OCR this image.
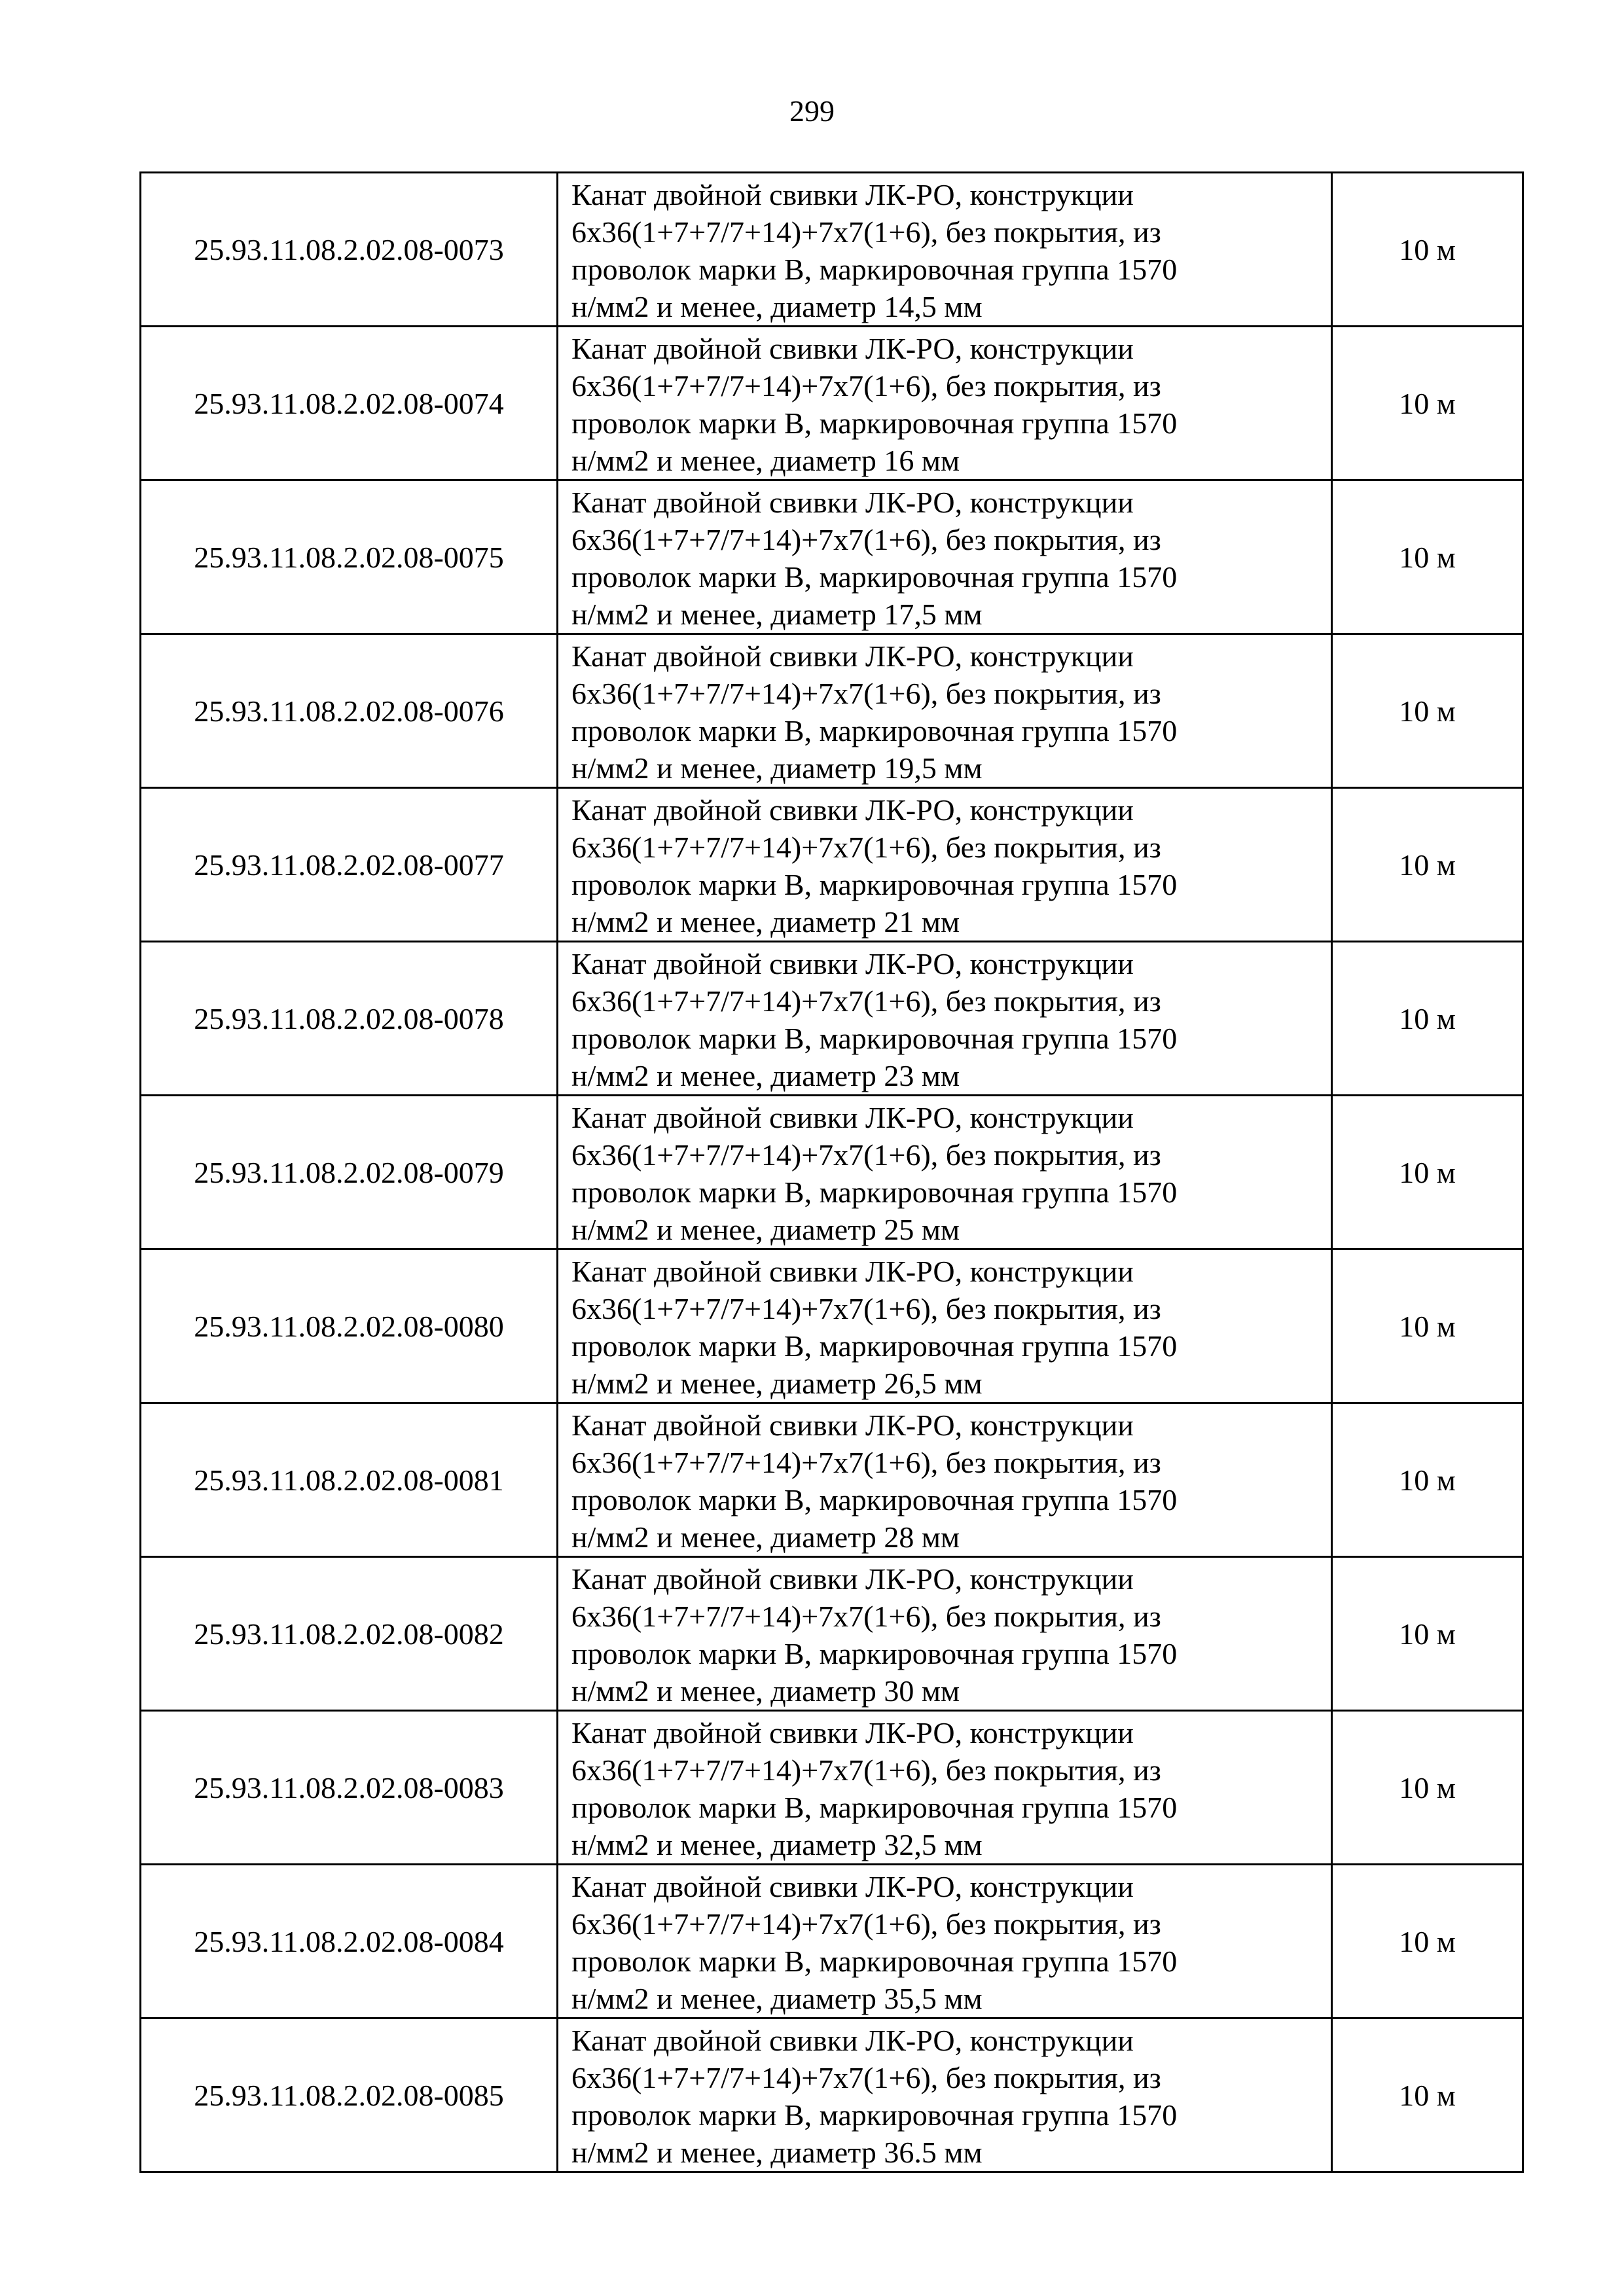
299
25.93.11.08.2.02.08-0073	Канат двойной свивки ЛК-РО, конструкции
6х36(1+7+7/7+14)+7х7(1+6), без покрытия, из
проволок марки В, маркировочная группа 1570
н/мм2 и менее, диаметр 14,5 мм	10 м
25.93.11.08.2.02.08-0074	Канат двойной свивки ЛК-РО, конструкции
6х36(1+7+7/7+14)+7х7(1+6), без покрытия, из
проволок марки В, маркировочная группа 1570
н/мм2 и менее, диаметр 16 мм	10 м
25.93.11.08.2.02.08-0075	Канат двойной свивки ЛК-РО, конструкции
6х36(1+7+7/7+14)+7х7(1+6), без покрытия, из
проволок марки В, маркировочная группа 1570
н/мм2 и менее, диаметр 17,5 мм	10 м
25.93.11.08.2.02.08-0076	Канат двойной свивки ЛК-РО, конструкции
6х36(1+7+7/7+14)+7х7(1+6), без покрытия, из
проволок марки В, маркировочная группа 1570
н/мм2 и менее, диаметр 19,5 мм	10 м
25.93.11.08.2.02.08-0077	Канат двойной свивки ЛК-РО, конструкции
6х36(1+7+7/7+14)+7х7(1+6), без покрытия, из
проволок марки В, маркировочная группа 1570
н/мм2 и менее, диаметр 21 мм	10 м
25.93.11.08.2.02.08-0078	Канат двойной свивки ЛК-РО, конструкции
6х36(1+7+7/7+14)+7х7(1+6), без покрытия, из
проволок марки В, маркировочная группа 1570
н/мм2 и менее, диаметр 23 мм	10 м
25.93.11.08.2.02.08-0079	Канат двойной свивки ЛК-РО, конструкции
6х36(1+7+7/7+14)+7х7(1+6), без покрытия, из
проволок марки В, маркировочная группа 1570
н/мм2 и менее, диаметр 25 мм	10 м
25.93.11.08.2.02.08-0080	Канат двойной свивки ЛК-РО, конструкции
6х36(1+7+7/7+14)+7х7(1+6), без покрытия, из
проволок марки В, маркировочная группа 1570
н/мм2 и менее, диаметр 26,5 мм	10 м
25.93.11.08.2.02.08-0081	Канат двойной свивки ЛК-РО, конструкции
6х36(1+7+7/7+14)+7х7(1+6), без покрытия, из
проволок марки В, маркировочная группа 1570
н/мм2 и менее, диаметр 28 мм	10 м
25.93.11.08.2.02.08-0082	Канат двойной свивки ЛК-РО, конструкции
6х36(1+7+7/7+14)+7х7(1+6), без покрытия, из
проволок марки В, маркировочная группа 1570
н/мм2 и менее, диаметр 30 мм	10 м
25.93.11.08.2.02.08-0083	Канат двойной свивки ЛК-РО, конструкции
6х36(1+7+7/7+14)+7х7(1+6), без покрытия, из
проволок марки В, маркировочная группа 1570
н/мм2 и менее, диаметр 32,5 мм	10 м
25.93.11.08.2.02.08-0084	Канат двойной свивки ЛК-РО, конструкции
6х36(1+7+7/7+14)+7х7(1+6), без покрытия, из
проволок марки В, маркировочная группа 1570
н/мм2 и менее, диаметр 35,5 мм	10 м
25.93.11.08.2.02.08-0085	Канат двойной свивки ЛК-РО, конструкции
6х36(1+7+7/7+14)+7х7(1+6), без покрытия, из
проволок марки В, маркировочная группа 1570
н/мм2 и менее, диаметр 36.5 мм	10 м
